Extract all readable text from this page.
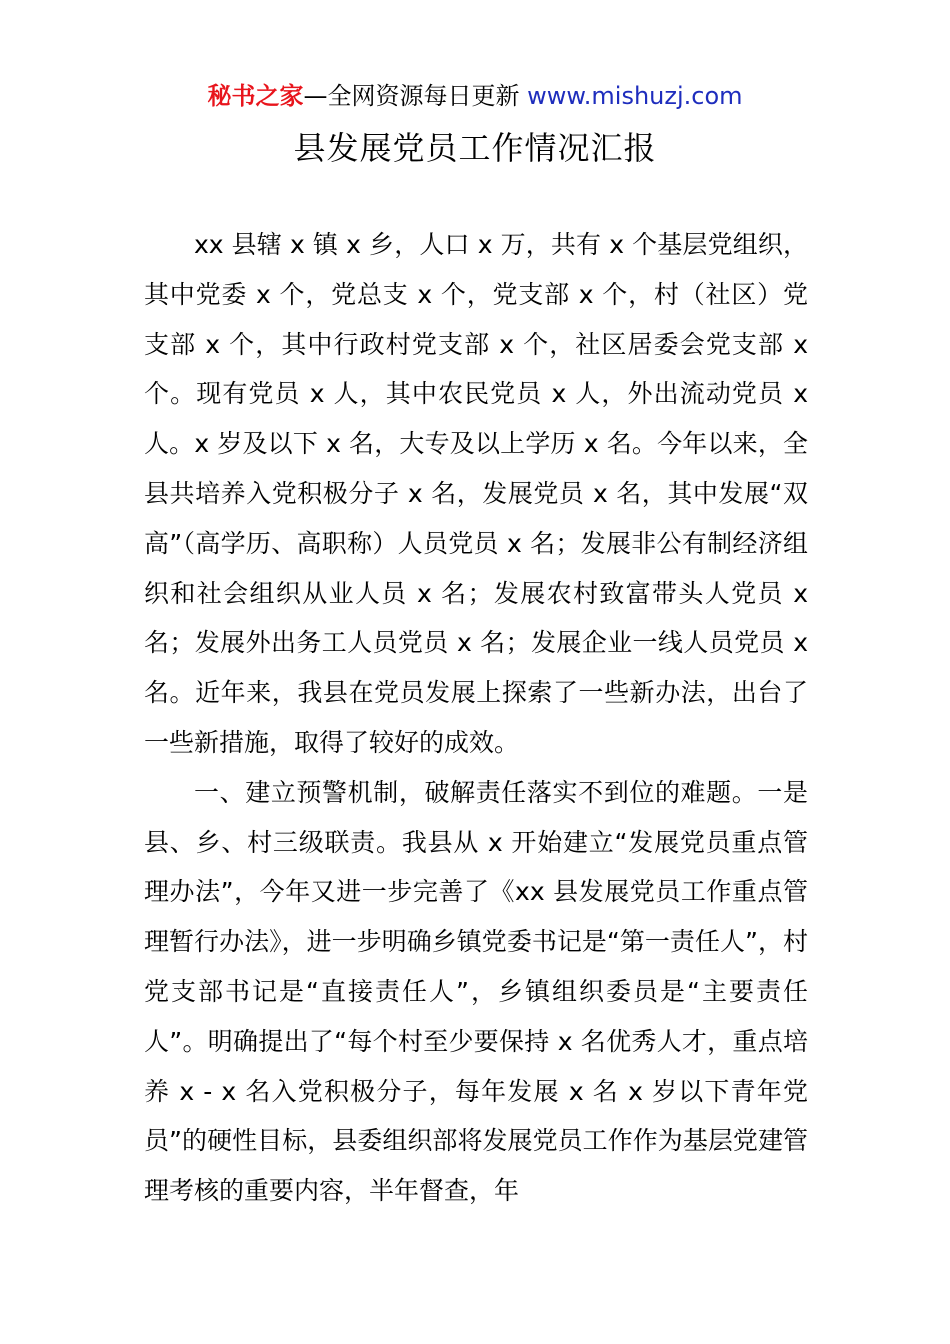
秘书之家—全网资源每日更新 www.mishuzj.com
县发展党员工作情况汇报

xx 县辖 x 镇 x 乡，人口 x 万，共有 x 个基层党组织，其中党委 x 个，党总支 x 个，党支部 x 个，村（社区）党支部 x 个，其中行政村党支部 x 个，社区居委会党支部 x 个。现有党员 x 人，其中农民党员 x 人，外出流动党员 x 人。x 岁及以下 x 名，大专及以上学历 x 名。今年以来，全县共培养入党积极分子 x 名，发展党员 x 名，其中发展“双高”（高学历、高职称）人员党员 x 名；发展非公有制经济组织和社会组织从业人员 x 名；发展农村致富带头人党员 x 名；发展外出务工人员党员 x 名；发展企业一线人员党员 x 名。近年来，我县在党员发展上探索了一些新办法，出台了一些新措施，取得了较好的成效。

一、建立预警机制，破解责任落实不到位的难题。一是县、乡、村三级联责。我县从 x 开始建立“发展党员重点管理办法”，今年又进一步完善了《xx 县发展党员工作重点管理暂行办法》，进一步明确乡镇党委书记是“第一责任人”，村党支部书记是“直接责任人”，乡镇组织委员是“主要责任人”。明确提出了“每个村至少要保持 x 名优秀人才，重点培养 x - x 名入党积极分子，每年发展 x 名 x 岁以下青年党员”的硬性目标，县委组织部将发展党员工作作为基层党建管理考核的重要内容，半年督查，年
